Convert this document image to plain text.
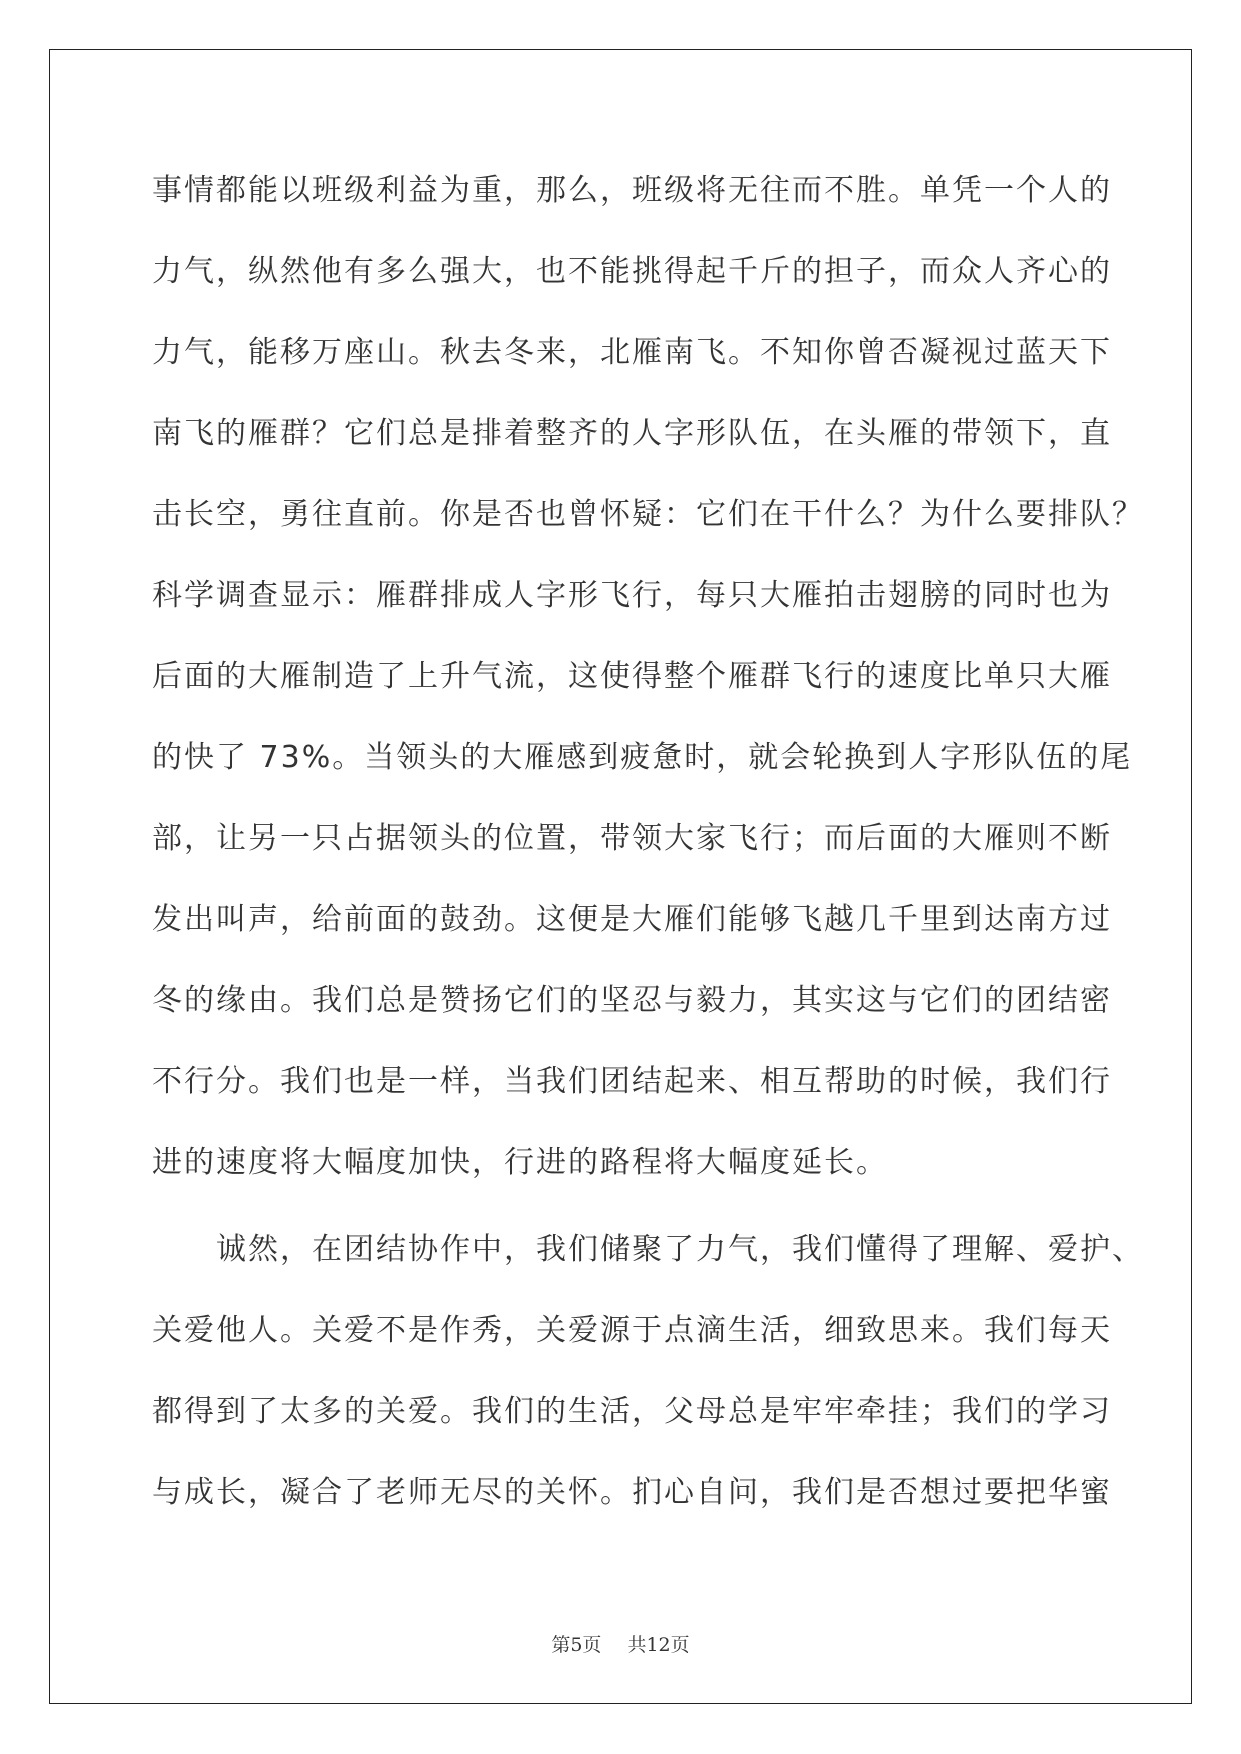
事情都能以班级利益为重，那么，班级将无往而不胜。单凭一个人的
力气，纵然他有多么强大，也不能挑得起千斤的担子，而众人齐心的
力气，能移万座山。秋去冬来，北雁南飞。不知你曾否凝视过蓝天下
南飞的雁群？它们总是排着整齐的人字形队伍，在头雁的带领下，直
击长空，勇往直前。你是否也曾怀疑：它们在干什么？为什么要排队？
科学调查显示：雁群排成人字形飞行，每只大雁拍击翅膀的同时也为
后面的大雁制造了上升气流，这使得整个雁群飞行的速度比单只大雁
的快了 73%。当领头的大雁感到疲惫时，就会轮换到人字形队伍的尾
部，让另一只占据领头的位置，带领大家飞行；而后面的大雁则不断
发出叫声，给前面的鼓劲。这便是大雁们能够飞越几千里到达南方过
冬的缘由。我们总是赞扬它们的坚忍与毅力，其实这与它们的团结密
不行分。我们也是一样，当我们团结起来、相互帮助的时候，我们行
进的速度将大幅度加快，行进的路程将大幅度延长。
诚然，在团结协作中，我们储聚了力气，我们懂得了理解、爱护、
关爱他人。关爱不是作秀，关爱源于点滴生活，细致思来。我们每天
都得到了太多的关爱。我们的生活，父母总是牢牢牵挂；我们的学习
与成长，凝合了老师无尽的关怀。扪心自问，我们是否想过要把华蜜
第5页 共12页
